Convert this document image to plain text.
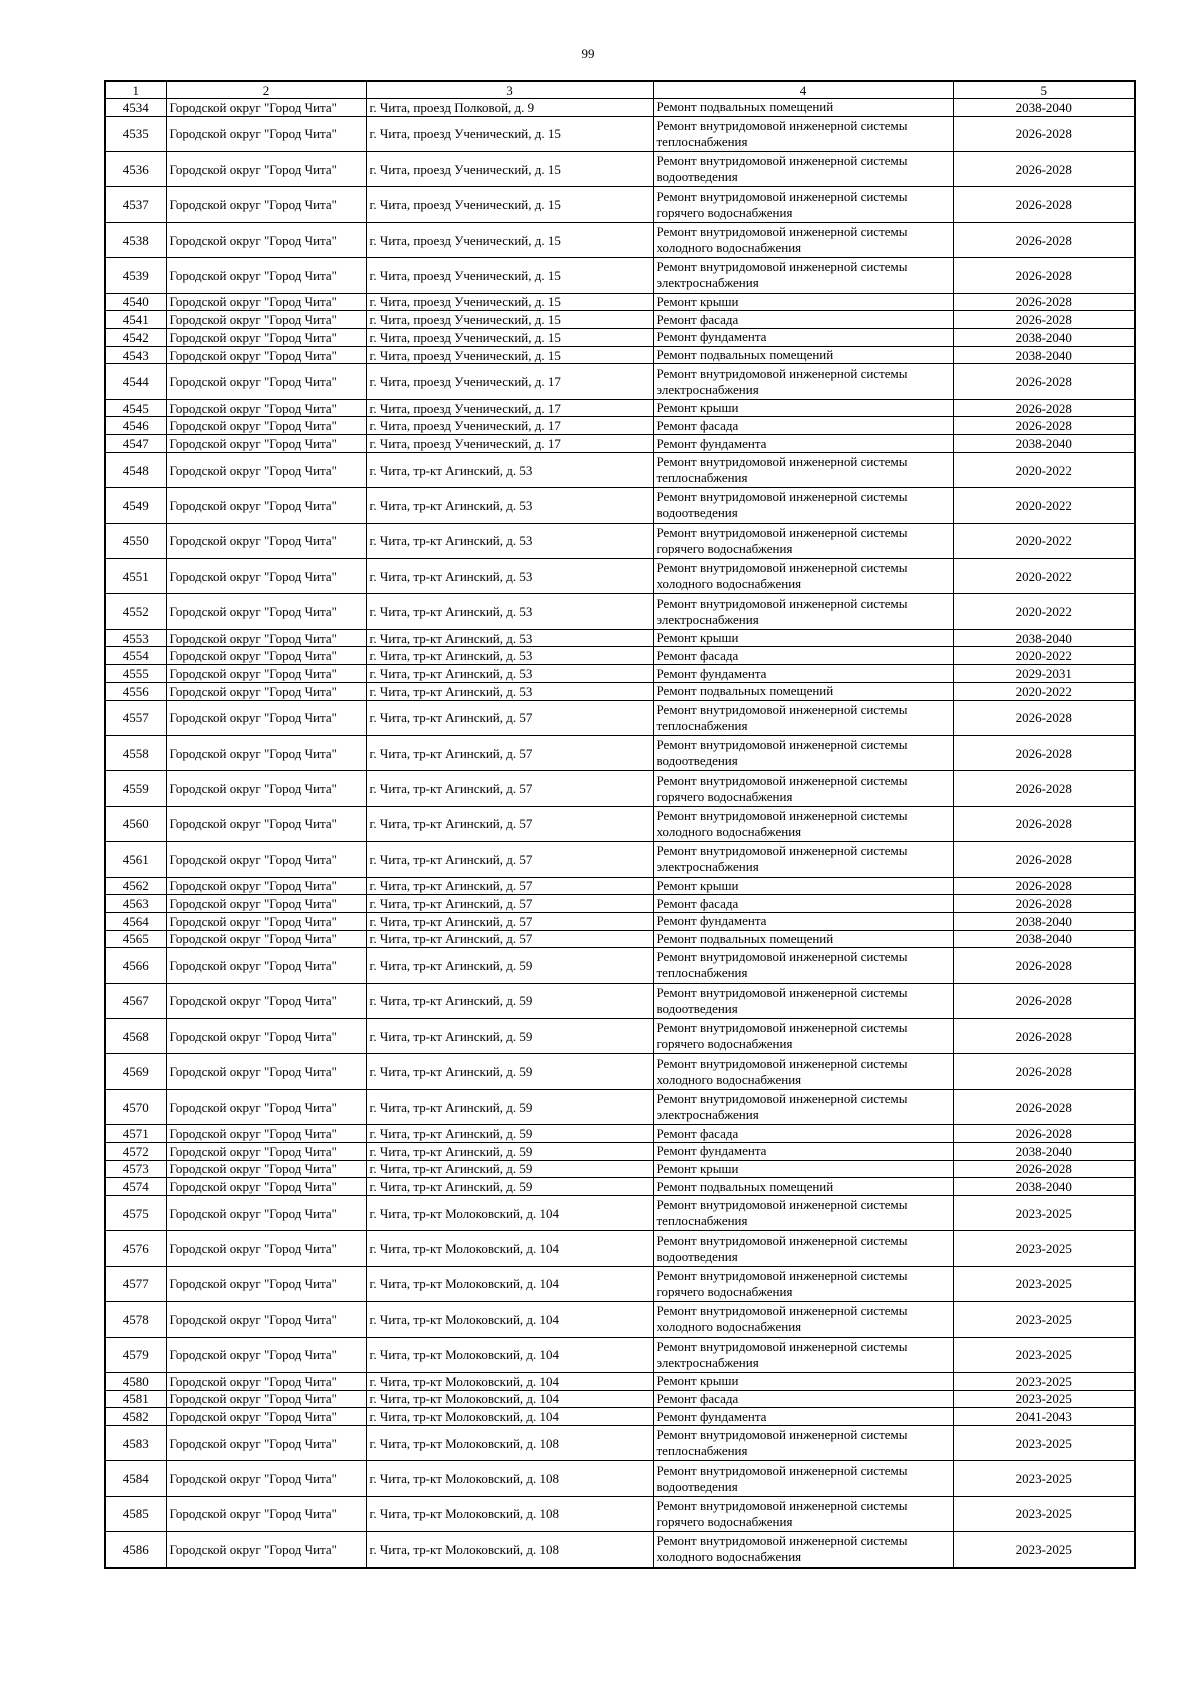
99
1	2	3	4	5
4534	Городской округ "Город Чита"	г. Чита, проезд Полковой, д. 9	Ремонт подвальных помещений	2038-2040
4535	Городской округ "Город Чита"	г. Чита, проезд Ученический, д. 15	Ремонт внутридомовой инженерной системы теплоснабжения	2026-2028
4536	Городской округ "Город Чита"	г. Чита, проезд Ученический, д. 15	Ремонт внутридомовой инженерной системы водоотведения	2026-2028
4537	Городской округ "Город Чита"	г. Чита, проезд Ученический, д. 15	Ремонт внутридомовой инженерной системы горячего водоснабжения	2026-2028
4538	Городской округ "Город Чита"	г. Чита, проезд Ученический, д. 15	Ремонт внутридомовой инженерной системы холодного водоснабжения	2026-2028
4539	Городской округ "Город Чита"	г. Чита, проезд Ученический, д. 15	Ремонт внутридомовой инженерной системы электроснабжения	2026-2028
4540	Городской округ "Город Чита"	г. Чита, проезд Ученический, д. 15	Ремонт крыши	2026-2028
4541	Городской округ "Город Чита"	г. Чита, проезд Ученический, д. 15	Ремонт фасада	2026-2028
4542	Городской округ "Город Чита"	г. Чита, проезд Ученический, д. 15	Ремонт фундамента	2038-2040
4543	Городской округ "Город Чита"	г. Чита, проезд Ученический, д. 15	Ремонт подвальных помещений	2038-2040
4544	Городской округ "Город Чита"	г. Чита, проезд Ученический, д. 17	Ремонт внутридомовой инженерной системы электроснабжения	2026-2028
4545	Городской округ "Город Чита"	г. Чита, проезд Ученический, д. 17	Ремонт крыши	2026-2028
4546	Городской округ "Город Чита"	г. Чита, проезд Ученический, д. 17	Ремонт фасада	2026-2028
4547	Городской округ "Город Чита"	г. Чита, проезд Ученический, д. 17	Ремонт фундамента	2038-2040
4548	Городской округ "Город Чита"	г. Чита, тр-кт Агинский, д. 53	Ремонт внутридомовой инженерной системы теплоснабжения	2020-2022
4549	Городской округ "Город Чита"	г. Чита, тр-кт Агинский, д. 53	Ремонт внутридомовой инженерной системы водоотведения	2020-2022
4550	Городской округ "Город Чита"	г. Чита, тр-кт Агинский, д. 53	Ремонт внутридомовой инженерной системы горячего водоснабжения	2020-2022
4551	Городской округ "Город Чита"	г. Чита, тр-кт Агинский, д. 53	Ремонт внутридомовой инженерной системы холодного водоснабжения	2020-2022
4552	Городской округ "Город Чита"	г. Чита, тр-кт Агинский, д. 53	Ремонт внутридомовой инженерной системы электроснабжения	2020-2022
4553	Городской округ "Город Чита"	г. Чита, тр-кт Агинский, д. 53	Ремонт крыши	2038-2040
4554	Городской округ "Город Чита"	г. Чита, тр-кт Агинский, д. 53	Ремонт фасада	2020-2022
4555	Городской округ "Город Чита"	г. Чита, тр-кт Агинский, д. 53	Ремонт фундамента	2029-2031
4556	Городской округ "Город Чита"	г. Чита, тр-кт Агинский, д. 53	Ремонт подвальных помещений	2020-2022
4557	Городской округ "Город Чита"	г. Чита, тр-кт Агинский, д. 57	Ремонт внутридомовой инженерной системы теплоснабжения	2026-2028
4558	Городской округ "Город Чита"	г. Чита, тр-кт Агинский, д. 57	Ремонт внутридомовой инженерной системы водоотведения	2026-2028
4559	Городской округ "Город Чита"	г. Чита, тр-кт Агинский, д. 57	Ремонт внутридомовой инженерной системы горячего водоснабжения	2026-2028
4560	Городской округ "Город Чита"	г. Чита, тр-кт Агинский, д. 57	Ремонт внутридомовой инженерной системы холодного водоснабжения	2026-2028
4561	Городской округ "Город Чита"	г. Чита, тр-кт Агинский, д. 57	Ремонт внутридомовой инженерной системы электроснабжения	2026-2028
4562	Городской округ "Город Чита"	г. Чита, тр-кт Агинский, д. 57	Ремонт крыши	2026-2028
4563	Городской округ "Город Чита"	г. Чита, тр-кт Агинский, д. 57	Ремонт фасада	2026-2028
4564	Городской округ "Город Чита"	г. Чита, тр-кт Агинский, д. 57	Ремонт фундамента	2038-2040
4565	Городской округ "Город Чита"	г. Чита, тр-кт Агинский, д. 57	Ремонт подвальных помещений	2038-2040
4566	Городской округ "Город Чита"	г. Чита, тр-кт Агинский, д. 59	Ремонт внутридомовой инженерной системы теплоснабжения	2026-2028
4567	Городской округ "Город Чита"	г. Чита, тр-кт Агинский, д. 59	Ремонт внутридомовой инженерной системы водоотведения	2026-2028
4568	Городской округ "Город Чита"	г. Чита, тр-кт Агинский, д. 59	Ремонт внутридомовой инженерной системы горячего водоснабжения	2026-2028
4569	Городской округ "Город Чита"	г. Чита, тр-кт Агинский, д. 59	Ремонт внутридомовой инженерной системы холодного водоснабжения	2026-2028
4570	Городской округ "Город Чита"	г. Чита, тр-кт Агинский, д. 59	Ремонт внутридомовой инженерной системы электроснабжения	2026-2028
4571	Городской округ "Город Чита"	г. Чита, тр-кт Агинский, д. 59	Ремонт фасада	2026-2028
4572	Городской округ "Город Чита"	г. Чита, тр-кт Агинский, д. 59	Ремонт фундамента	2038-2040
4573	Городской округ "Город Чита"	г. Чита, тр-кт Агинский, д. 59	Ремонт крыши	2026-2028
4574	Городской округ "Город Чита"	г. Чита, тр-кт Агинский, д. 59	Ремонт подвальных помещений	2038-2040
4575	Городской округ "Город Чита"	г. Чита, тр-кт Молоковский, д. 104	Ремонт внутридомовой инженерной системы теплоснабжения	2023-2025
4576	Городской округ "Город Чита"	г. Чита, тр-кт Молоковский, д. 104	Ремонт внутридомовой инженерной системы водоотведения	2023-2025
4577	Городской округ "Город Чита"	г. Чита, тр-кт Молоковский, д. 104	Ремонт внутридомовой инженерной системы горячего водоснабжения	2023-2025
4578	Городской округ "Город Чита"	г. Чита, тр-кт Молоковский, д. 104	Ремонт внутридомовой инженерной системы холодного водоснабжения	2023-2025
4579	Городской округ "Город Чита"	г. Чита, тр-кт Молоковский, д. 104	Ремонт внутридомовой инженерной системы электроснабжения	2023-2025
4580	Городской округ "Город Чита"	г. Чита, тр-кт Молоковский, д. 104	Ремонт крыши	2023-2025
4581	Городской округ "Город Чита"	г. Чита, тр-кт Молоковский, д. 104	Ремонт фасада	2023-2025
4582	Городской округ "Город Чита"	г. Чита, тр-кт Молоковский, д. 104	Ремонт фундамента	2041-2043
4583	Городской округ "Город Чита"	г. Чита, тр-кт Молоковский, д. 108	Ремонт внутридомовой инженерной системы теплоснабжения	2023-2025
4584	Городской округ "Город Чита"	г. Чита, тр-кт Молоковский, д. 108	Ремонт внутридомовой инженерной системы водоотведения	2023-2025
4585	Городской округ "Город Чита"	г. Чита, тр-кт Молоковский, д. 108	Ремонт внутридомовой инженерной системы горячего водоснабжения	2023-2025
4586	Городской округ "Город Чита"	г. Чита, тр-кт Молоковский, д. 108	Ремонт внутридомовой инженерной системы холодного водоснабжения	2023-2025
